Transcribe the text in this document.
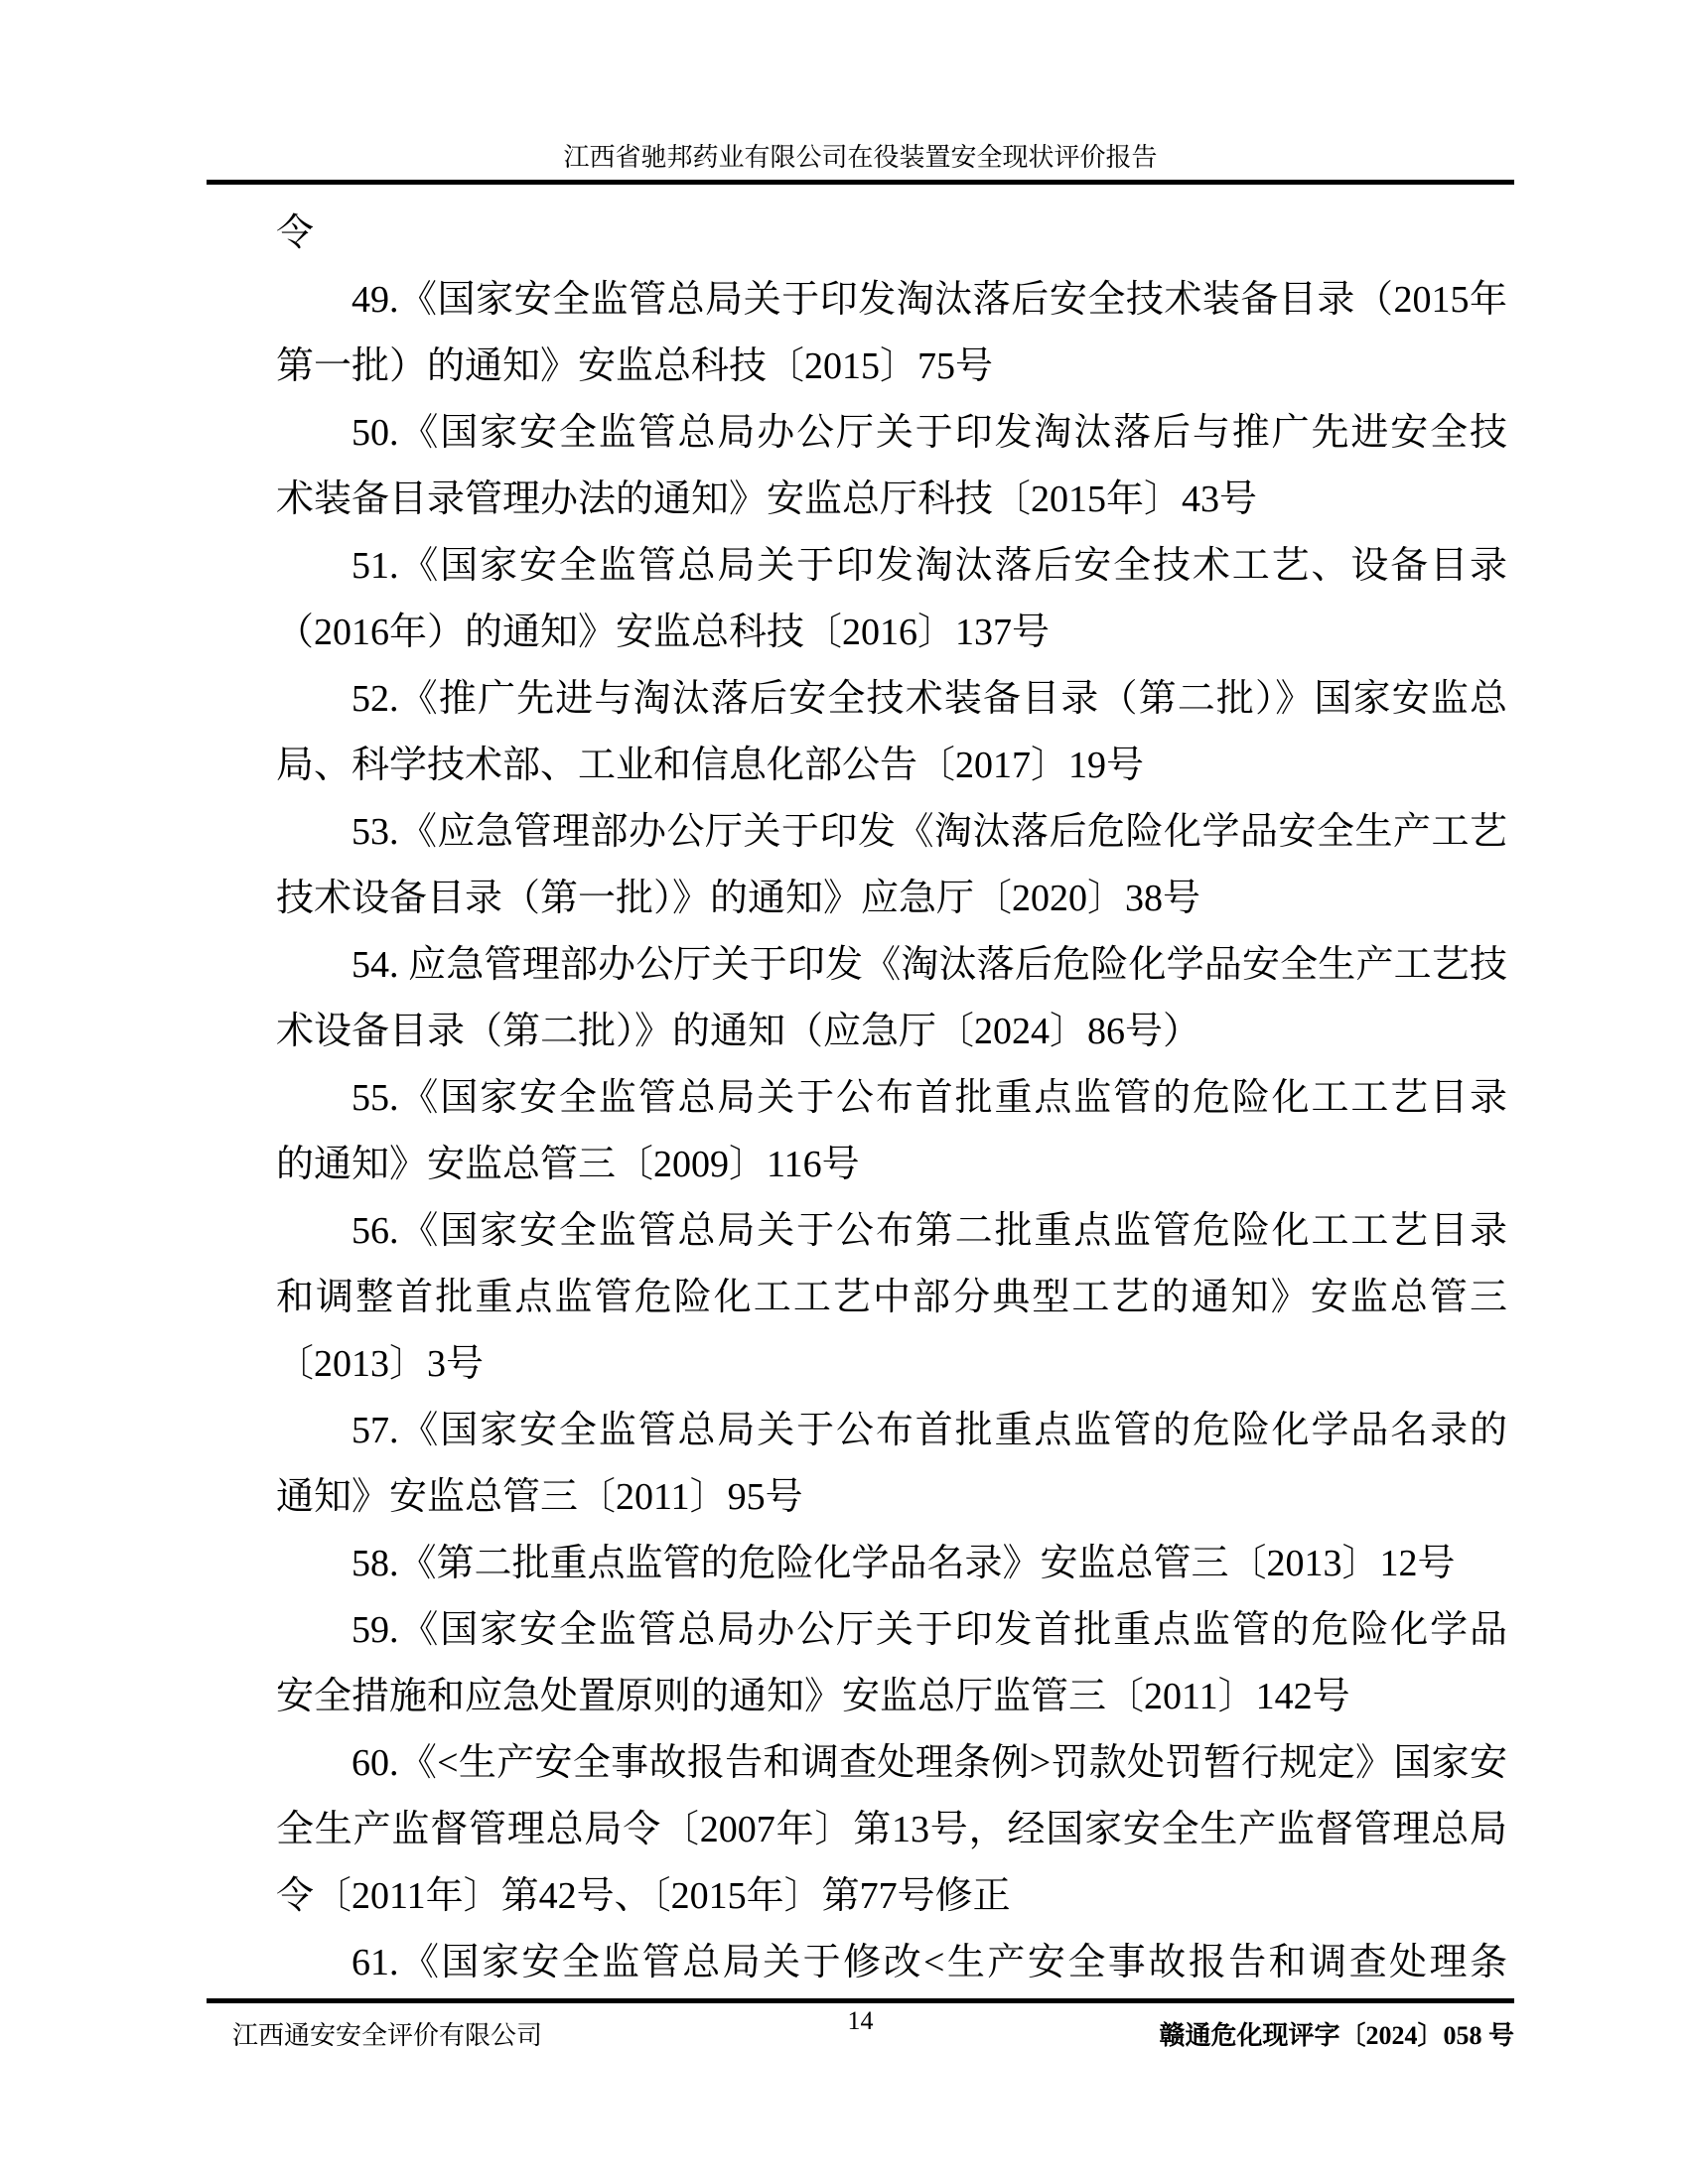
江西省驰邦药业有限公司在役装置安全现状评价报告
令
49.《国家安全监管总局关于印发淘汰落后安全技术装备目录（2015年
第一批）的通知》安监总科技〔2015〕75号
50.《国家安全监管总局办公厅关于印发淘汰落后与推广先进安全技
术装备目录管理办法的通知》安监总厅科技〔2015年〕43号
51.《国家安全监管总局关于印发淘汰落后安全技术工艺、设备目录
（2016年）的通知》安监总科技〔2016〕137号
52.《推广先进与淘汰落后安全技术装备目录（第二批）》国家安监总
局、科学技术部、工业和信息化部公告〔2017〕19号
53.《应急管理部办公厅关于印发《淘汰落后危险化学品安全生产工艺
技术设备目录（第一批）》的通知》应急厅〔2020〕38号
54. 应急管理部办公厅关于印发《淘汰落后危险化学品安全生产工艺技
术设备目录（第二批）》的通知（应急厅〔2024〕86号）
55.《国家安全监管总局关于公布首批重点监管的危险化工工艺目录
的通知》安监总管三〔2009〕116号
56.《国家安全监管总局关于公布第二批重点监管危险化工工艺目录
和调整首批重点监管危险化工工艺中部分典型工艺的通知》安监总管三
〔2013〕3号
57.《国家安全监管总局关于公布首批重点监管的危险化学品名录的
通知》安监总管三〔2011〕95号
58.《第二批重点监管的危险化学品名录》安监总管三〔2013〕12号
59.《国家安全监管总局办公厅关于印发首批重点监管的危险化学品
安全措施和应急处置原则的通知》安监总厅监管三〔2011〕142号
60.《<生产安全事故报告和调查处理条例>罚款处罚暂行规定》国家安
全生产监督管理总局令〔2007年〕第13号，经国家安全生产监督管理总局
令〔2011年〕第42号、〔2015年〕第77号修正
61.《国家安全监管总局关于修改<生产安全事故报告和调查处理条
江西通安安全评价有限公司
14
赣通危化现评字〔2024〕058 号
